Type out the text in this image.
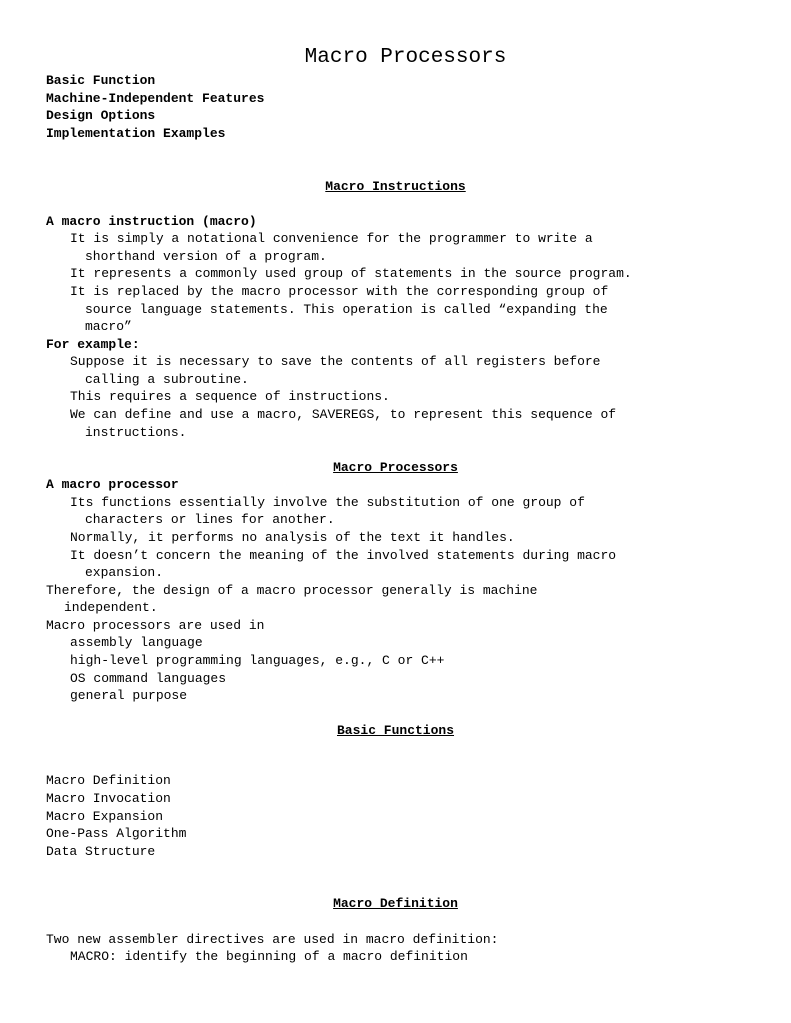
Macro Processors
Basic Function
Machine-Independent Features
Design Options
Implementation Examples
Macro Instructions
A macro instruction (macro)
It is simply a notational convenience for the programmer to write a
shorthand version of a program.
It represents a commonly used group of statements in the source program.
It is replaced by the macro processor with the corresponding group of
source language statements. This operation is called “expanding the
macro”
For example:
Suppose it is necessary to save the contents of all registers before
calling a subroutine.
This requires a sequence of instructions.
We can define and use a macro, SAVEREGS, to represent this sequence of
instructions.
Macro Processors
A macro processor
Its functions essentially involve the substitution of one group of
characters or lines for another.
Normally, it performs no analysis of the text it handles.
It doesn’t concern the meaning of the involved statements during macro
expansion.
Therefore, the design of a macro processor generally is machine
independent.
Macro processors are used in
assembly language
high-level programming languages, e.g., C or C++
OS command languages
general purpose
Basic Functions
Macro Definition
Macro Invocation
Macro Expansion
One-Pass Algorithm
Data Structure
Macro Definition
Two new assembler directives are used in macro definition:
MACRO: identify the beginning of a macro definition
